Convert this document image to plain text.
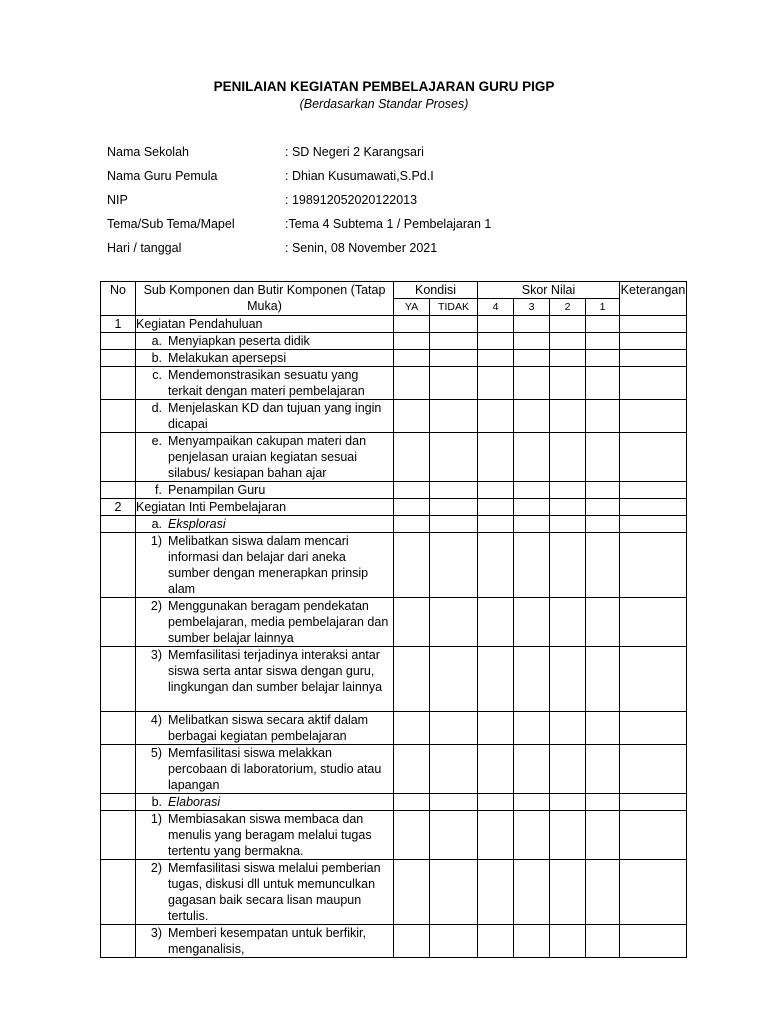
PENILAIAN KEGIATAN PEMBELAJARAN GURU PIGP
(Berdasarkan Standar Proses)
Nama Sekolah	: SD Negeri 2 Karangsari
Nama Guru Pemula	: Dhian Kusumawati,S.Pd.I
NIP	: 198912052020122013
Tema/Sub Tema/Mapel	:Tema 4 Subtema 1 / Pembelajaran 1
Hari / tanggal	: Senin, 08 November 2021
No	Sub Komponen dan Butir Komponen (Tatap Muka)	Kondisi		Skor Nilai				Keterangan
		YA	TIDAK	4	3	2	1	
1	Kegiatan Pendahuluan							

	a. Menyiapkan peserta didik							

	b. Melakukan apersepsi							

	c. Mendemonstrasikan sesuatu yang terkait dengan materi pembelajaran							

	d. Menjelaskan KD dan tujuan yang ingin dicapai							

	e. Menyampaikan cakupan materi dan penjelasan uraian kegiatan sesuai silabus/ kesiapan bahan ajar							

	f. Penampilan Guru							

2	Kegiatan Inti Pembelajaran							

	a. Eksplorasi							

	1) Melibatkan siswa dalam mencari informasi dan belajar dari aneka sumber dengan menerapkan prinsip alam							

	2) Menggunakan beragam pendekatan pembelajaran, media pembelajaran dan sumber belajar lainnya							

	3) Memfasilitasi terjadinya interaksi antar siswa serta antar siswa dengan guru, lingkungan dan sumber belajar lainnya							

	4) Melibatkan siswa secara aktif dalam berbagai kegiatan pembelajaran							

	5) Memfasilitasi siswa melakkan percobaan di laboratorium, studio atau lapangan							

	b. Elaborasi							

	1) Membiasakan siswa membaca dan menulis yang beragam melalui tugas tertentu yang bermakna.							

	2) Memfasilitasi siswa melalui pemberian tugas, diskusi dll untuk memunculkan gagasan baik secara lisan maupun tertulis.							

	3) Memberi kesempatan untuk berfikir, menganalisis,							
